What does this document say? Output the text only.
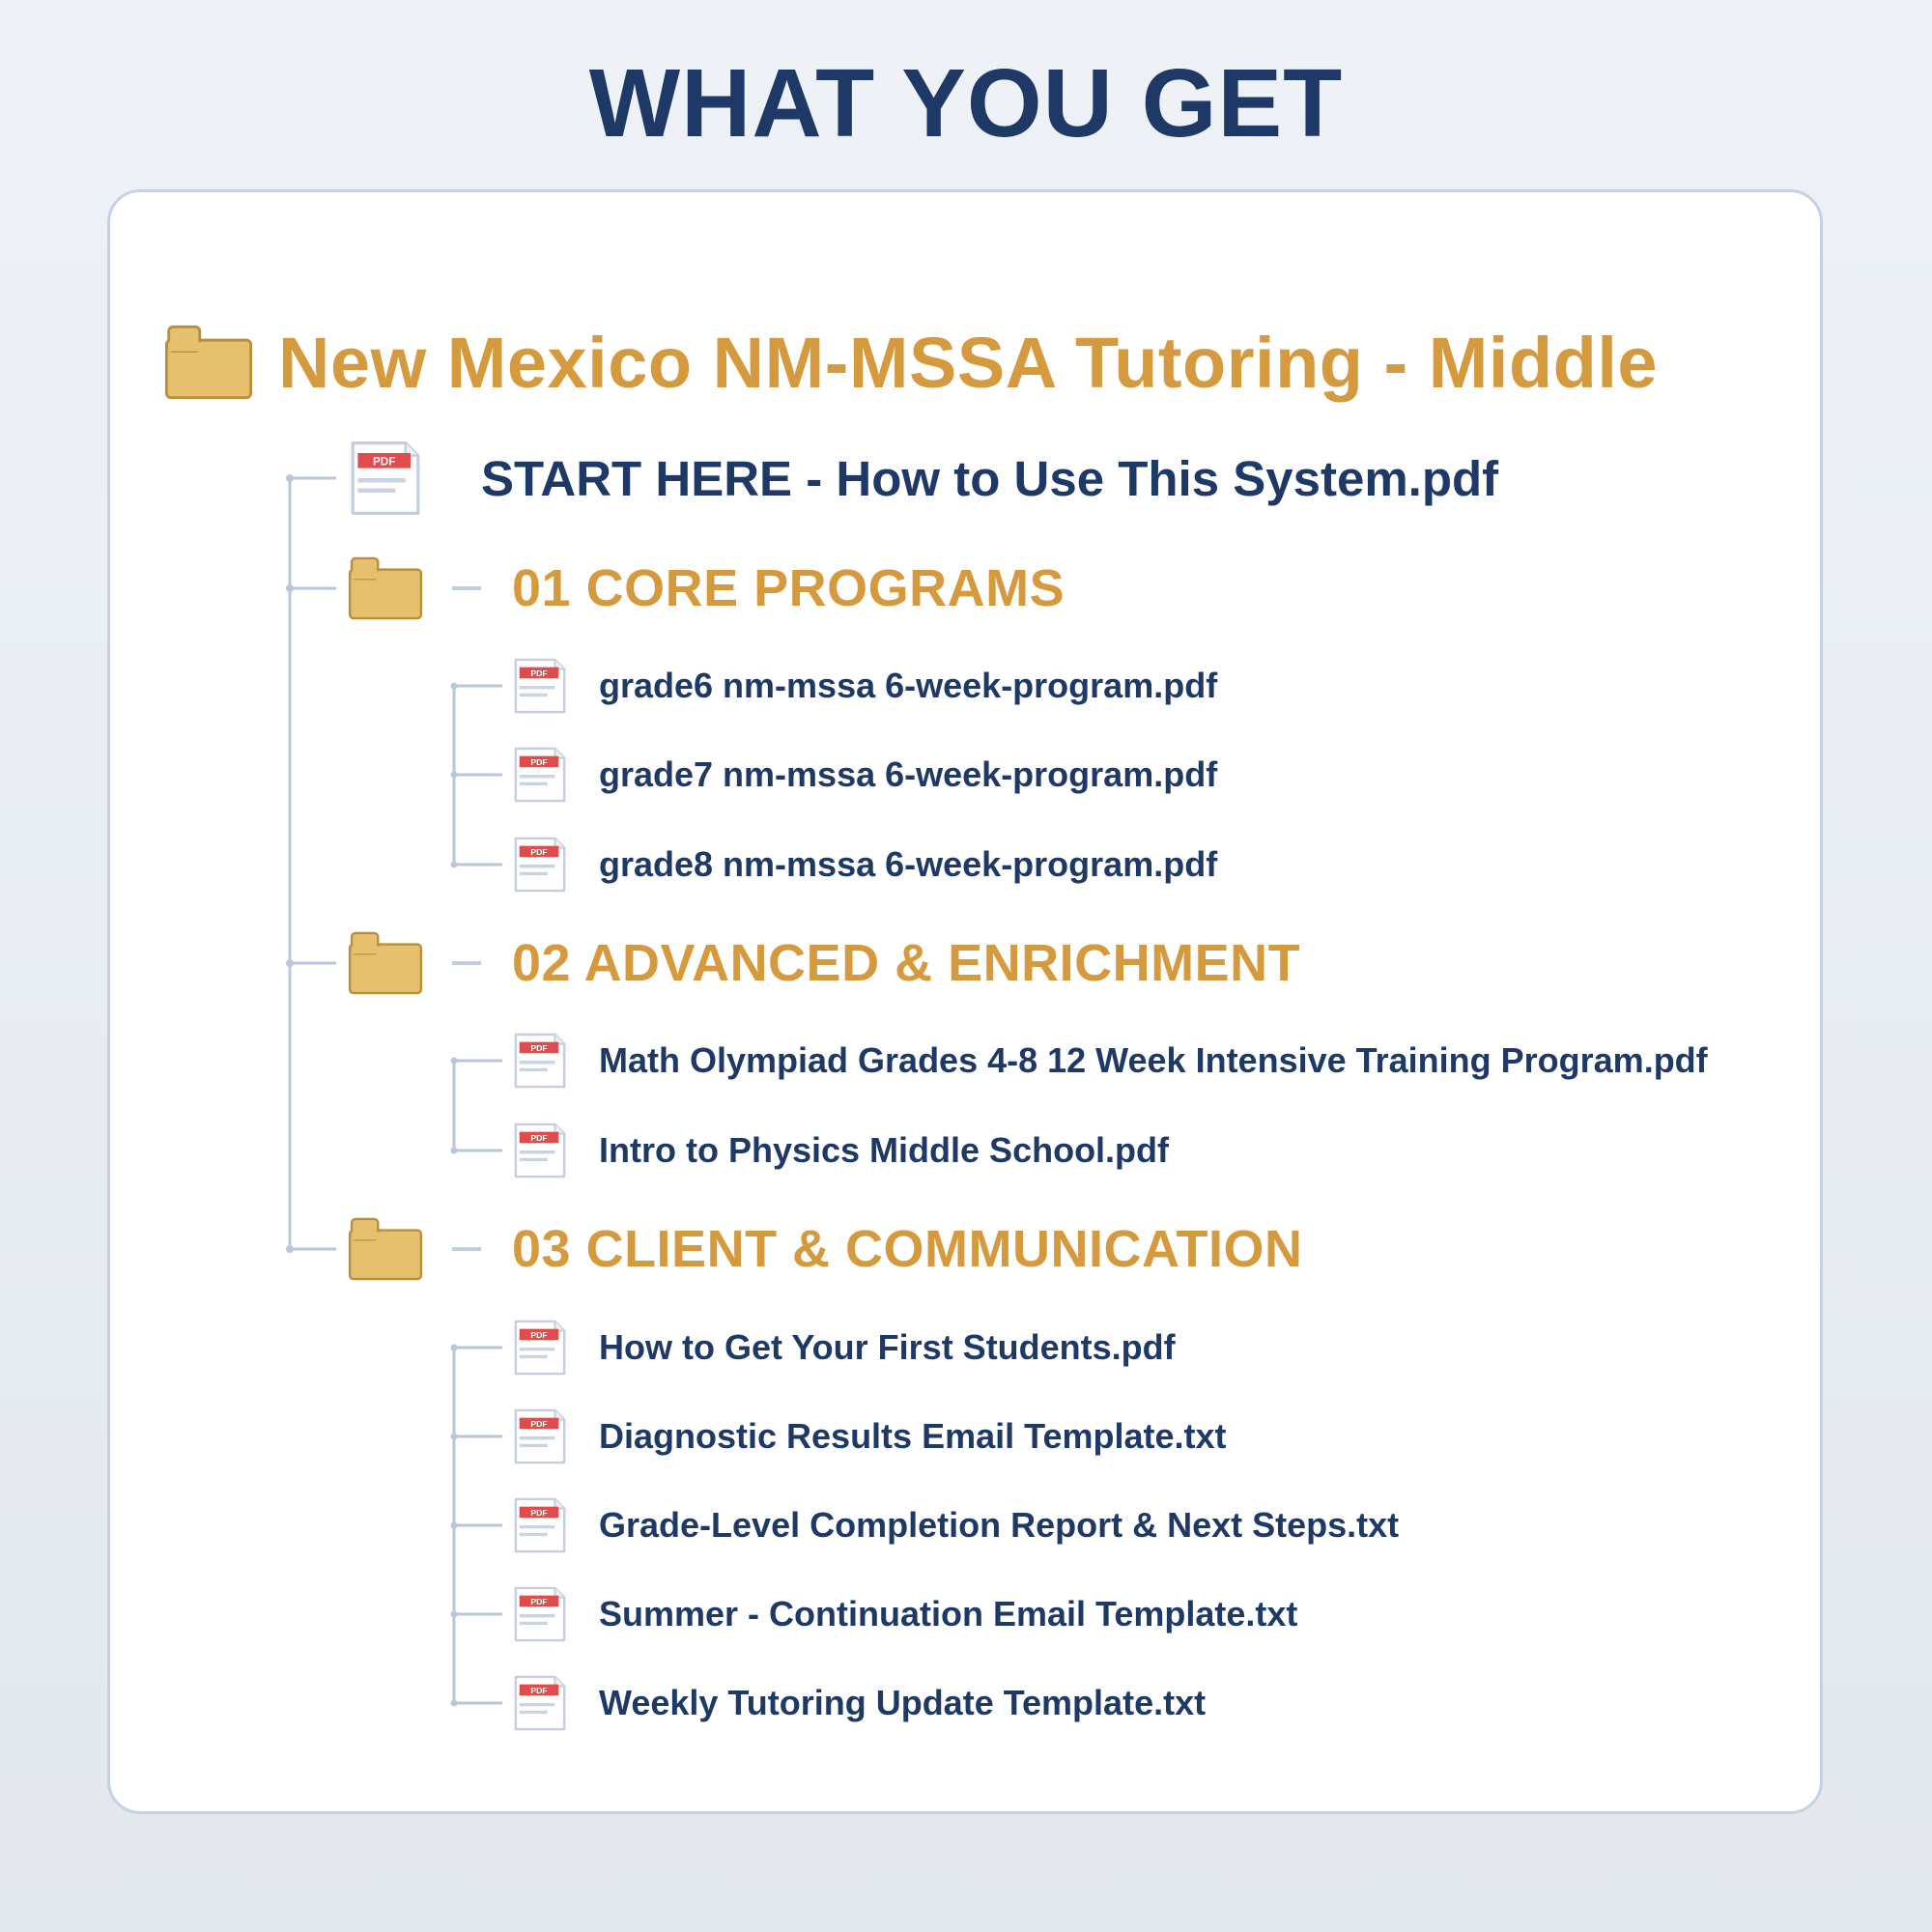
WHAT YOU GET
New Mexico NM-MSSA Tutoring - Middle
START HERE - How to Use This System.pdf
01 CORE PROGRAMS
grade6 nm-mssa 6-week-program.pdf
grade7 nm-mssa 6-week-program.pdf
grade8 nm-mssa 6-week-program.pdf
02 ADVANCED & ENRICHMENT
Math Olympiad Grades 4-8 12 Week Intensive Training Program.pdf
Intro to Physics Middle School.pdf
03 CLIENT & COMMUNICATION
How to Get Your First Students.pdf
Diagnostic Results Email Template.txt
Grade-Level Completion Report & Next Steps.txt
Summer - Continuation Email Template.txt
Weekly Tutoring Update Template.txt
